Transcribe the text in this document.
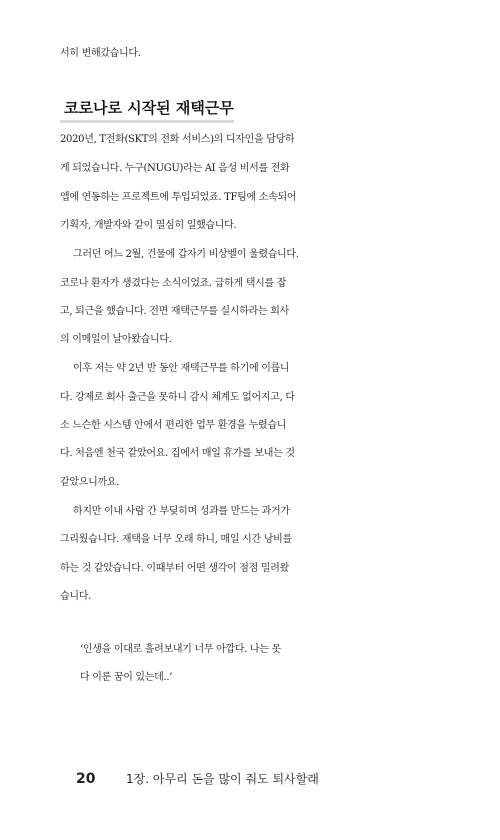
서히 변해갔습니다.
코로나로 시작된 재택근무
2020년, T전화(SKT의 전화 서비스)의 디자인을 담당하
게 되었습니다. 누구(NUGU)라는 AI 음성 비서를 전화
앱에 연동하는 프로젝트에 투입되었죠. TF팀에 소속되어
기획자, 개발자와 같이 열심히 일했습니다.
그러던 어느 2월, 건물에 갑자기 비상벨이 울렸습니다.
코로나 환자가 생겼다는 소식이었죠. 급하게 택시를 잡
고, 퇴근을 했습니다. 전면 재택근무를 실시하라는 회사
의 이메일이 날아왔습니다.
이후 저는 약 2년 반 동안 재택근무를 하기에 이릅니
다. 강제로 회사 출근을 못하니 감시 체계도 없어지고, 다
소 느슨한 시스템 안에서 편리한 업무 환경을 누렸습니
다. 처음엔 천국 같았어요. 집에서 매일 휴가를 보내는 것
같았으니까요.
하지만 이내 사람 간 부딪히며 성과를 만드는 과거가
그리웠습니다. 재택을 너무 오래 하니, 매일 시간 낭비를
하는 것 같았습니다. 이때부터 어떤 생각이 점점 밀려왔
습니다.
‘인생을 이대로 흘려보내기 너무 아깝다. 나는 못
다 이룬 꿈이 있는데..’
20	1장. 아무리 돈을 많이 줘도 퇴사할래
